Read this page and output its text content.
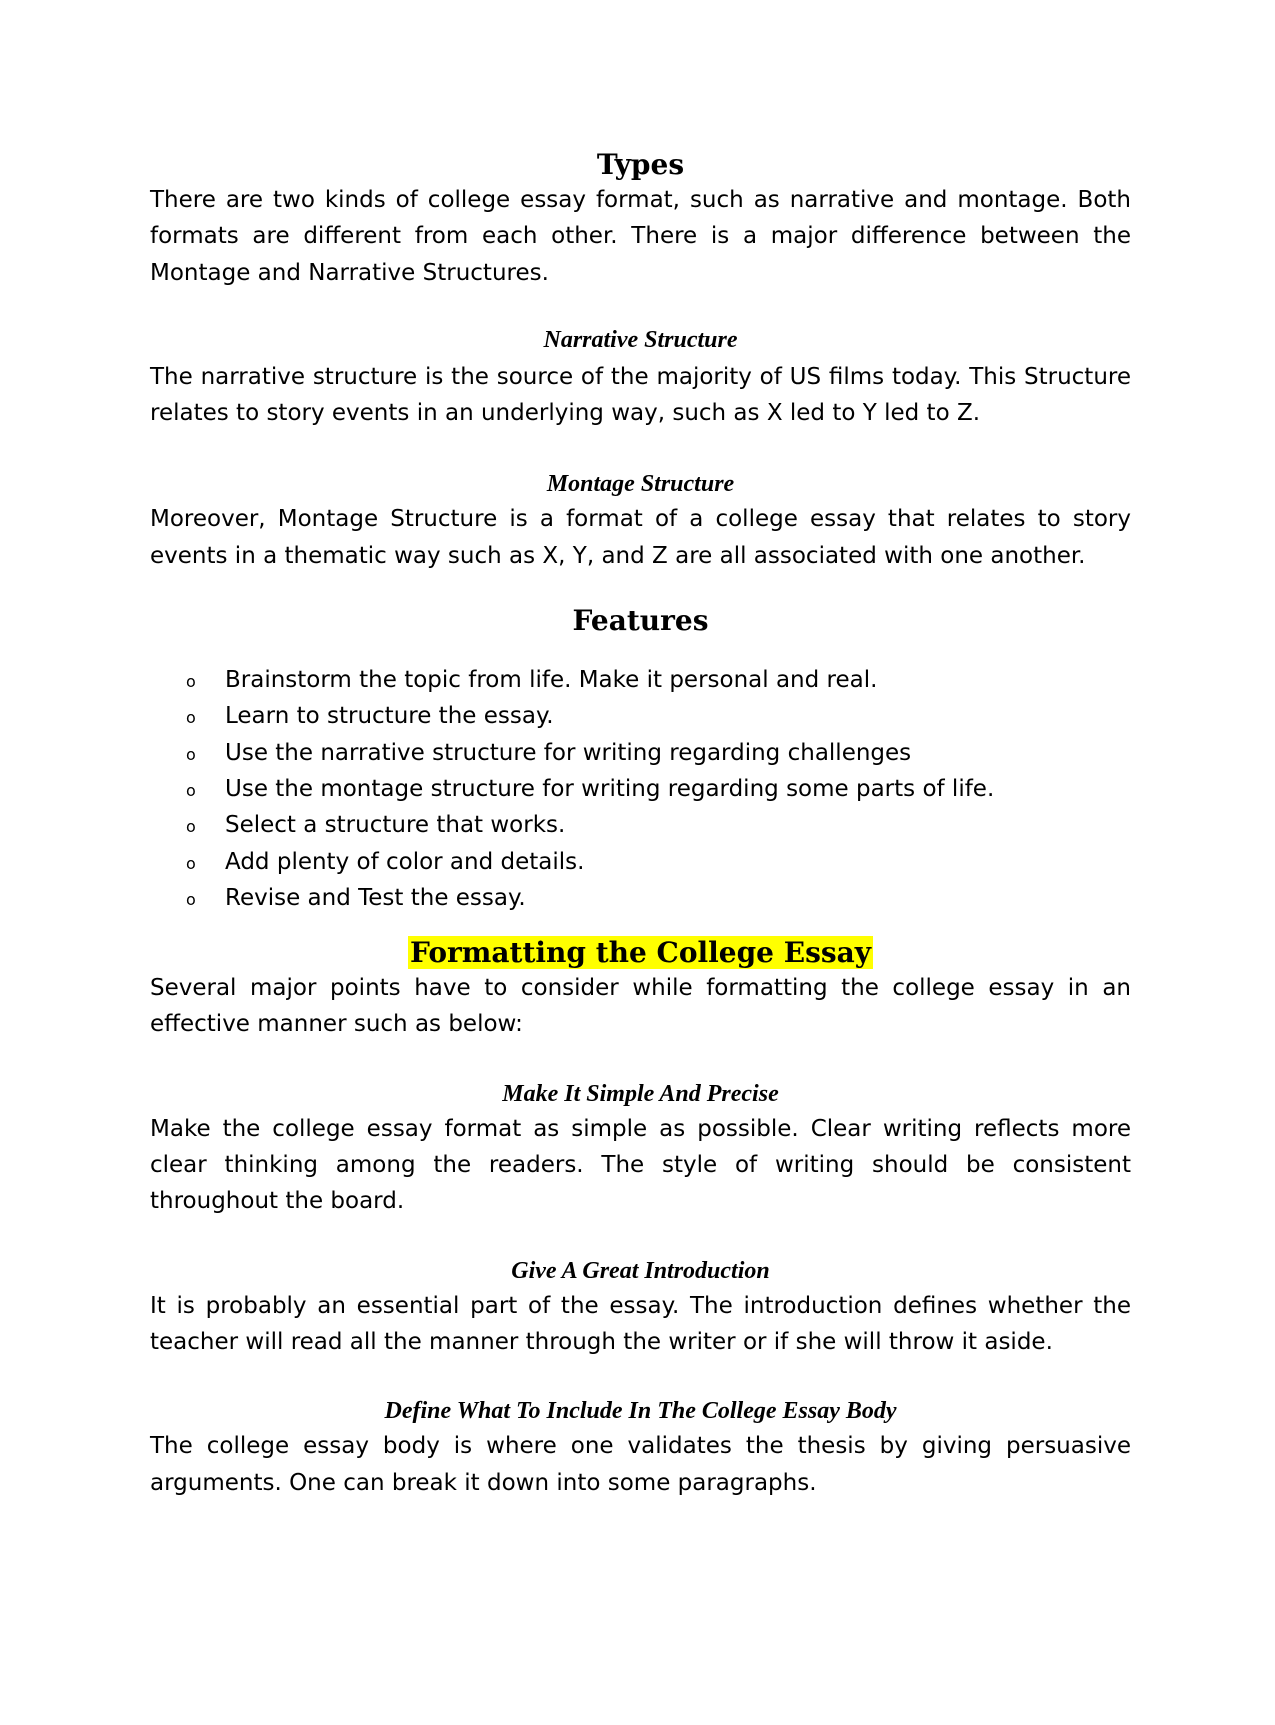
Types

There are two kinds of college essay format, such as narrative and montage. Both formats are different from each other. There is a major difference between the Montage and Narrative Structures.

Narrative Structure

The narrative structure is the source of the majority of US films today. This Structure relates to story events in an underlying way, such as X led to Y led to Z.

Montage Structure

Moreover, Montage Structure is a format of a college essay that relates to story events in a thematic way such as X, Y, and Z are all associated with one another.

Features
o Brainstorm the topic from life. Make it personal and real.
o Learn to structure the essay.
o Use the narrative structure for writing regarding challenges
o Use the montage structure for writing regarding some parts of life.
o Select a structure that works.
o Add plenty of color and details.
o Revise and Test the essay.
Formatting the College Essay

Several major points have to consider while formatting the college essay in an effective manner such as below:

Make It Simple And Precise

Make the college essay format as simple as possible. Clear writing reflects more clear thinking among the readers. The style of writing should be consistent throughout the board.

Give A Great Introduction

It is probably an essential part of the essay. The introduction defines whether the teacher will read all the manner through the writer or if she will throw it aside.

Define What To Include In The College Essay Body

The college essay body is where one validates the thesis by giving persuasive arguments. One can break it down into some paragraphs.
